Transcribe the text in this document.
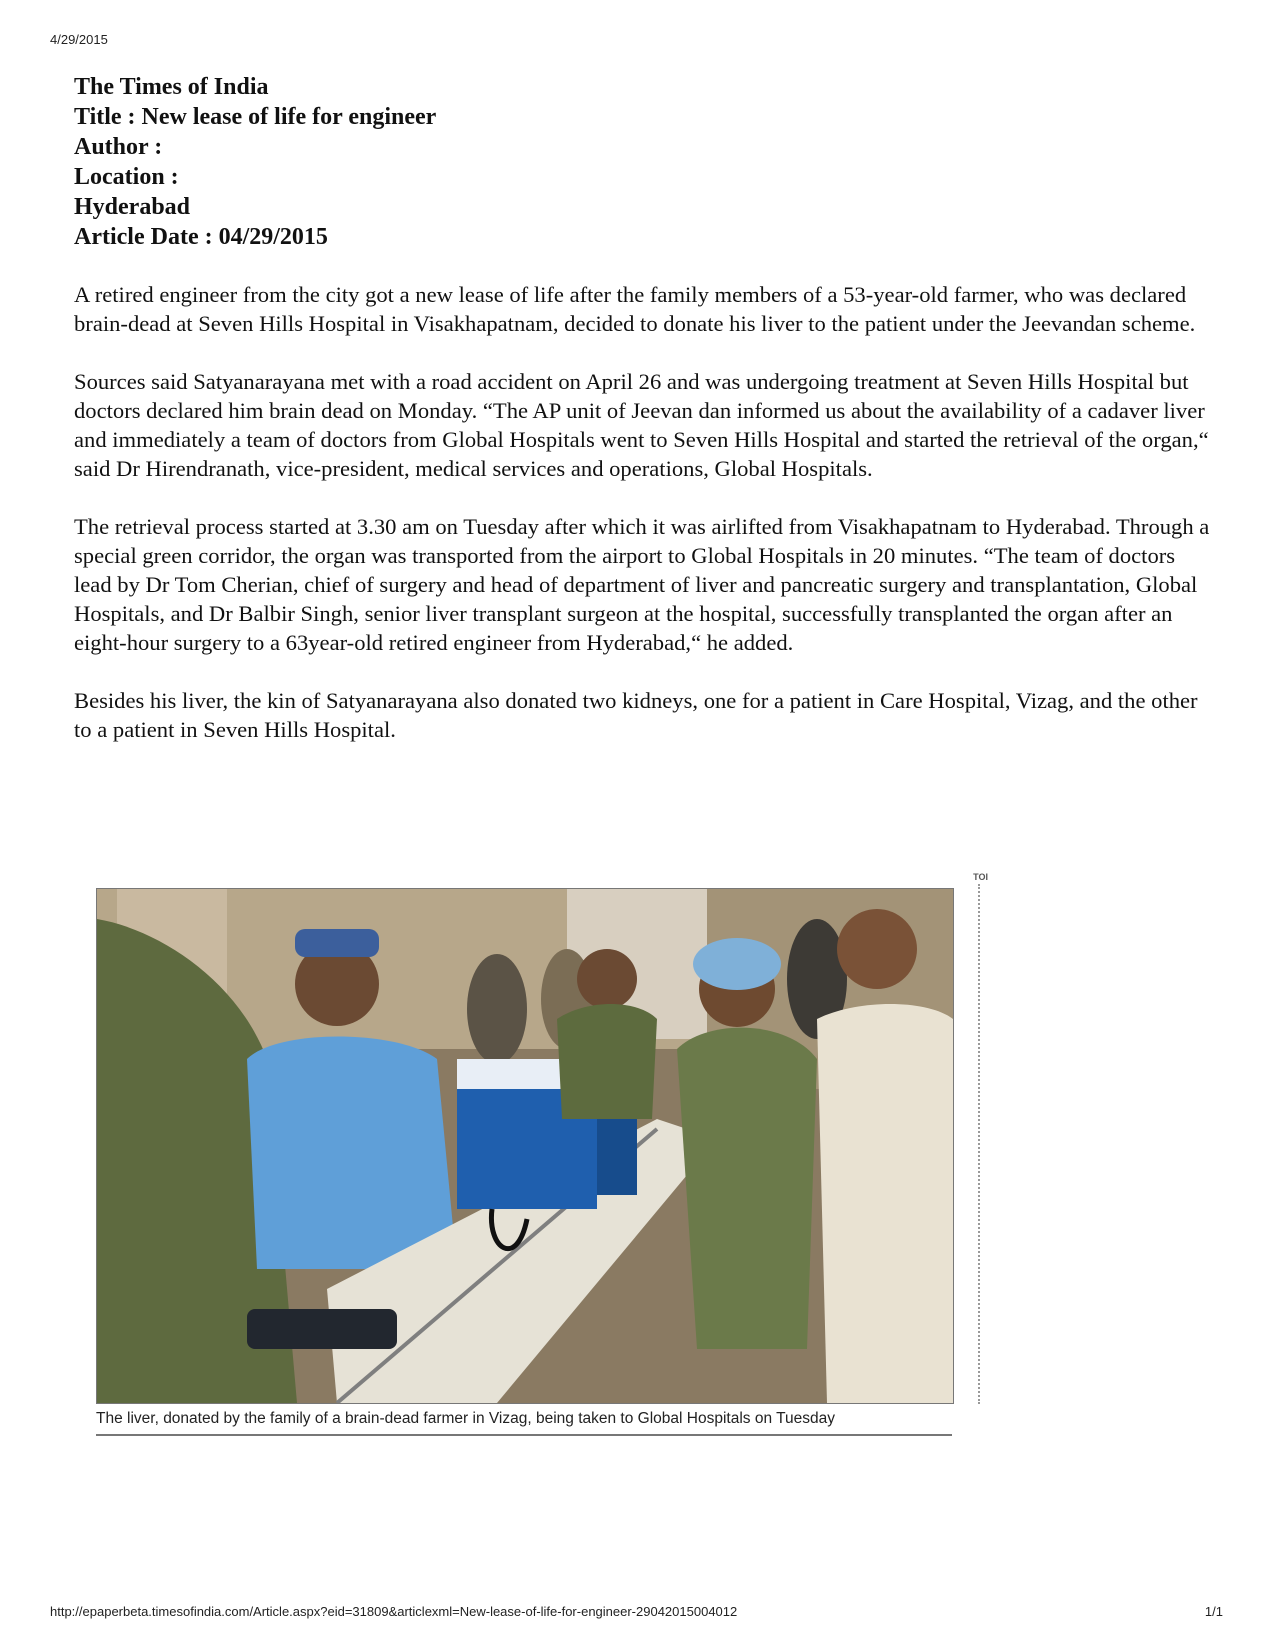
4/29/2015
The Times of India
Title : New lease of life for engineer
Author :
Location :
Hyderabad
Article Date : 04/29/2015

A retired engineer from the city got a new lease of life after the family members of a 53-year-old farmer, who was declared brain-dead at Seven Hills Hospital in Visakhapatnam, decided to donate his liver to the patient under the Jeevandan scheme.

Sources said Satyanarayana met with a road accident on April 26 and was undergoing treatment at Seven Hills Hospital but doctors declared him brain dead on Monday. “The AP unit of Jeevan dan informed us about the availability of a cadaver liver and immediately a team of doctors from Global Hospitals went to Seven Hills Hospital and started the retrieval of the organ,“ said Dr Hirendranath, vice-president, medical services and operations, Global Hospitals.

The retrieval process started at 3.30 am on Tuesday after which it was airlifted from Visakhapatnam to Hyderabad. Through a special green corridor, the organ was transported from the airport to Global Hospitals in 20 minutes. “The team of doctors lead by Dr Tom Cherian, chief of surgery and head of department of liver and pancreatic surgery and transplantation, Global Hospitals, and Dr Balbir Singh, senior liver transplant surgeon at the hospital, successfully transplanted the organ after an eight-hour surgery to a 63year-old retired engineer from Hyderabad,“ he added.

Besides his liver, the kin of Satyanarayana also donated two kidneys, one for a patient in Care Hospital, Vizag, and the other to a patient in Seven Hills Hospital.

TOI
The liver, donated by the family of a brain-dead farmer in Vizag, being taken to Global Hospitals on Tuesday
http://epaperbeta.timesofindia.com/Article.aspx?eid=31809&articlexml=New-lease-of-life-for-engineer-29042015004012	1/1
